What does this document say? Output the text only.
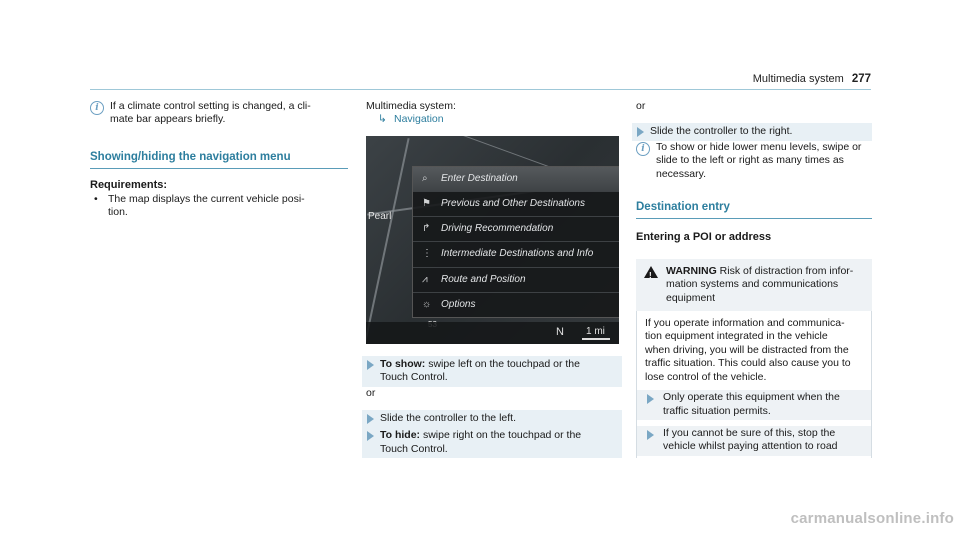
Multimedia system 277
i	If a climate control setting is changed, a cli-
mate bar appears briefly.
Showing/hiding the navigation menu
Requirements:
• The map displays the current vehicle posi-
tion.
Multimedia system:
↳ Navigation
Pearl
⌕ Enter Destination
⚑ Previous and Other Destinations
↱ Driving Recommendation
⋮ Intermediate Destinations and Info
⩘ Route and Position
☼ Options
N 1 mi
To show: swipe left on the touchpad or the
Touch Control.
or
Slide the controller to the left.
To hide: swipe right on the touchpad or the
Touch Control.
or
Slide the controller to the right.
i	To show or hide lower menu levels, swipe or
slide to the left or right as many times as
necessary.
Destination entry
Entering a POI or address
! WARNING Risk of distraction from infor-
mation systems and communications
equipment
If you operate information and communica-
tion equipment integrated in the vehicle
when driving, you will be distracted from the
traffic situation. This could also cause you to
lose control of the vehicle.
Only operate this equipment when the
traffic situation permits.
If you cannot be sure of this, stop the
vehicle whilst paying attention to road
carmanualsonline.info
